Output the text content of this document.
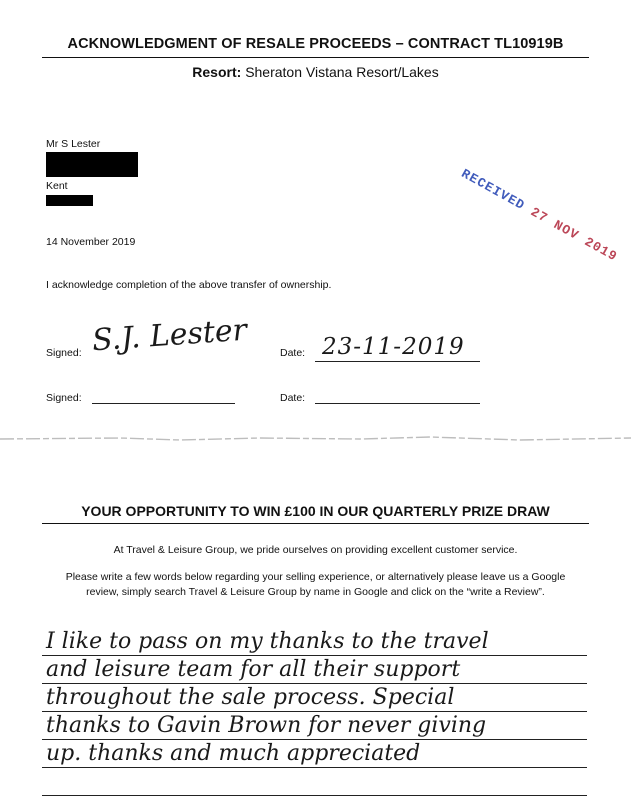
ACKNOWLEDGMENT OF RESALE PROCEEDS – CONTRACT TL10919B
Resort: Sheraton Vistana Resort/Lakes
Mr S Lester
Kent	RECEIVED 27 NOV 2019
14 November 2019
I acknowledge completion of the above transfer of ownership.
Signed: S.J. Lester	Date: 23-11-2019
Signed:	Date:
YOUR OPPORTUNITY TO WIN £100 IN OUR QUARTERLY PRIZE DRAW
At Travel & Leisure Group, we pride ourselves on providing excellent customer service.
Please write a few words below regarding your selling experience, or alternatively please leave us a Google
review, simply search Travel & Leisure Group by name in Google and click on the “write a Review”.
I like to pass on my thanks to the travel
and leisure team for all their support
throughout the sale process. Special
thanks to Gavin Brown for never giving
up. thanks and much appreciated
